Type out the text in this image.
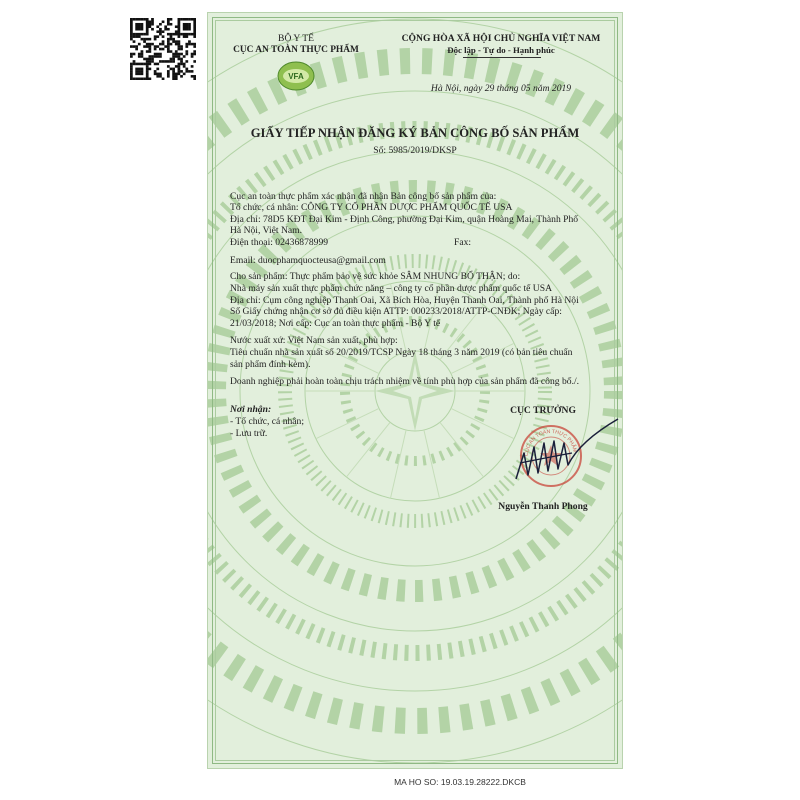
BỘ Y TẾ
CỤC AN TOÀN THỰC PHẨM
VFA
CỘNG HÒA XÃ HỘI CHỦ NGHĨA VIỆT NAM
Độc lập - Tự do - Hạnh phúc
Hà Nội, ngày 29 tháng 05 năm 2019
GIẤY TIẾP NHẬN ĐĂNG KÝ BẢN CÔNG BỐ SẢN PHẨM
Số: 5985/2019/DKSP
Cục an toàn thực phẩm xác nhận đã nhận Bản công bố sản phẩm của:
Tổ chức, cá nhân: CÔNG TY CỔ PHẦN DƯỢC PHẨM QUỐC TẾ USA
Địa chỉ: 78D5 KĐT Đại Kim - Định Công, phường Đại Kim, quận Hoàng Mai, Thành Phố
Hà Nội, Việt Nam.
Điện thoại: 02436878999	Fax:
Email: duocphamquocteusa@gmail.com
Cho sản phẩm: Thực phẩm bảo vệ sức khỏe SÂM NHUNG BỔ THẬN; do:
Nhà máy sản xuất thực phẩm chức năng – công ty cổ phần dược phẩm quốc tế USA
Địa chỉ: Cụm công nghiệp Thanh Oai, Xã Bích Hòa, Huyện Thanh Oai, Thành phố Hà Nội
Số Giấy chứng nhận cơ sở đủ điều kiện ATTP: 000233/2018/ATTP-CNĐK; Ngày cấp:
21/03/2018; Nơi cấp: Cục an toàn thực phẩm - Bộ Y tế
Nước xuất xứ: Việt Nam sản xuất, phù hợp:
Tiêu chuẩn nhà sản xuất số 20/2019/TCSP Ngày 18 tháng 3 năm 2019 (có bản tiêu chuẩn
sản phẩm đính kèm).
Doanh nghiệp phải hoàn toàn chịu trách nhiệm về tính phù hợp của sản phẩm đã công bố./.
Nơi nhận:
- Tổ chức, cá nhân;
- Lưu trữ.
CỤC TRƯỞNG
CỤC AN TOÀN THỰC PHẨM
Nguyễn Thanh Phong
MA HO SO: 19.03.19.28222.DKCB
